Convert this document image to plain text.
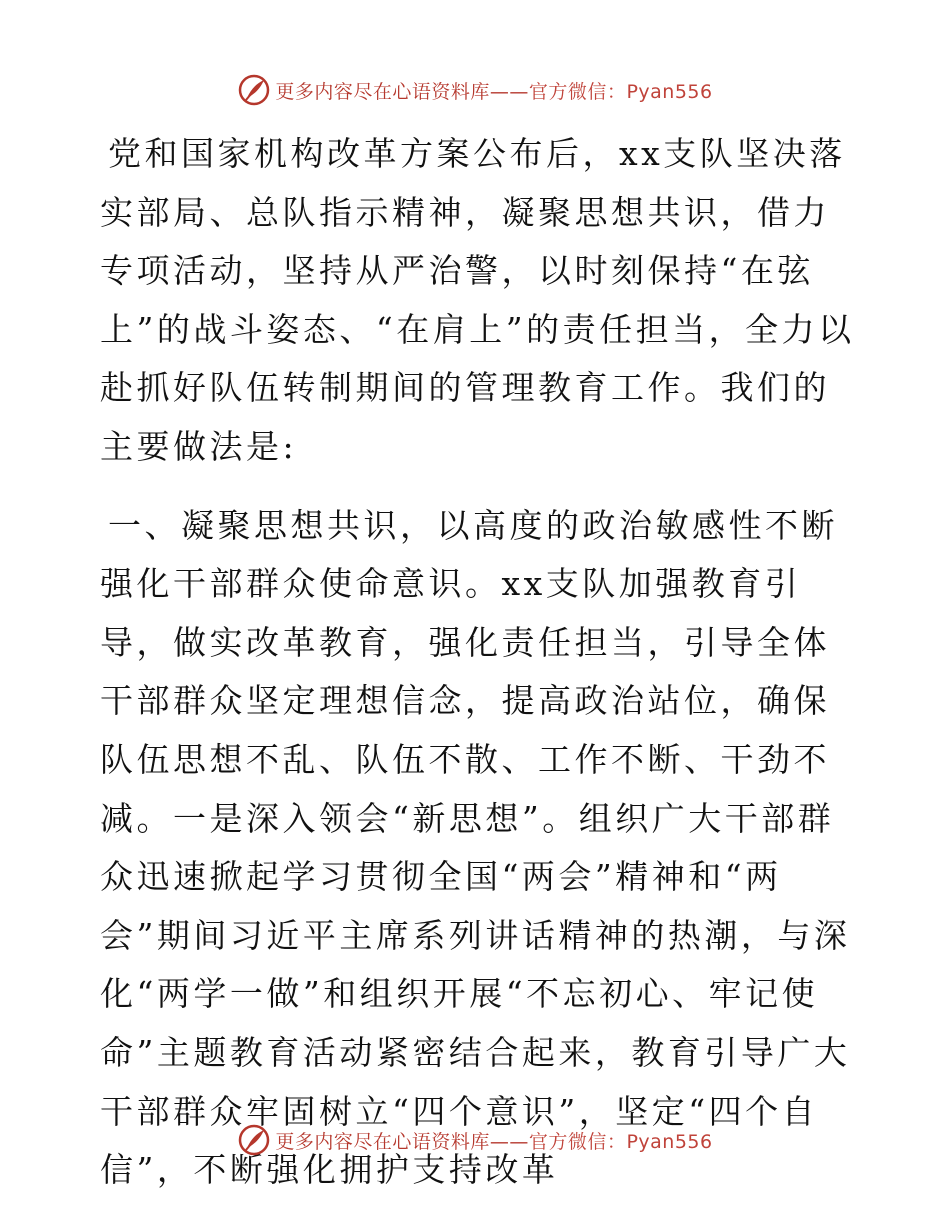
更多内容尽在心语资料库——官方微信：Pyan556

党和国家机构改革方案公布后，xx支队坚决落实部局、总队指示精神，凝聚思想共识，借力专项活动，坚持从严治警，以时刻保持“在弦上”的战斗姿态、“在肩上”的责任担当，全力以赴抓好队伍转制期间的管理教育工作。我们的主要做法是:

一、凝聚思想共识，以高度的政治敏感性不断强化干部群众使命意识。xx支队加强教育引导，做实改革教育，强化责任担当，引导全体干部群众坚定理想信念，提高政治站位，确保队伍思想不乱、队伍不散、工作不断、干劲不减。一是深入领会“新思想”。组织广大干部群众迅速掀起学习贯彻全国“两会”精神和“两会”期间习近平主席系列讲话精神的热潮，与深化“两学一做”和组织开展“不忘初心、牢记使命”主题教育活动紧密结合起来，教育引导广大干部群众牢固树立“四个意识”，坚定“四个自信”，不断强化拥护支持改革

更多内容尽在心语资料库——官方微信：Pyan556
